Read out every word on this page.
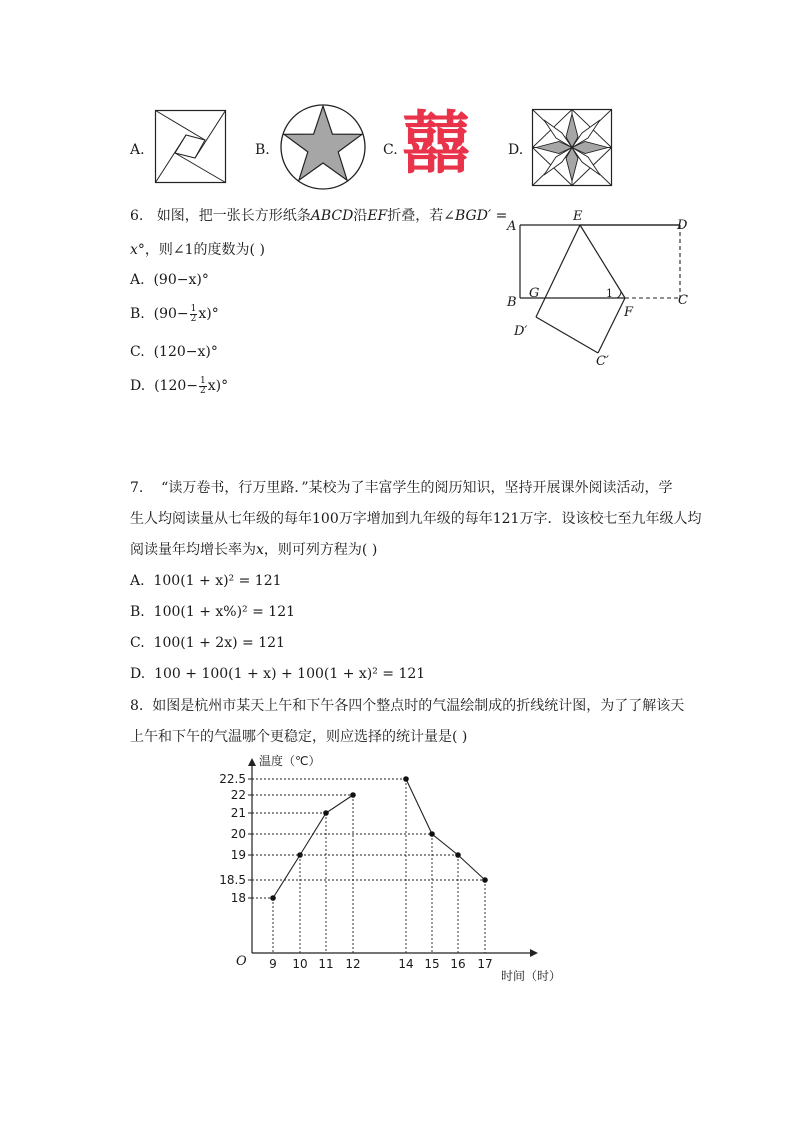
A.	B.	C. 囍	D.
6. 如图，把一张长方形纸条ABCD沿EF折叠，若∠BGD′ =
x°，则∠1的度数为( )
A. (90−x)°
B. $(90- \frac{1}{2} x)^\circ$
C. (120−x)°
D. $(120- \frac{1}{2} x)^\circ$
A
E
D
B
G	1	C
F
D′
C′
7. “读万卷书，行万里路．”某校为了丰富学生的阅历知识，坚持开展课外阅读活动，学
生人均阅读量从七年级的每年100万字增加到九年级的每年121万字．设该校七至九年级人均
阅读量年均增长率为x，则可列方程为( )
A. 100(1 + x)² = 121
B. 100(1 + x%)² = 121
C. 100(1 + 2x) = 121
D. 100 + 100(1 + x) + 100(1 + x)² = 121
8. 如图是杭州市某天上午和下午各四个整点时的气温绘制成的折线统计图，为了了解该天
上午和下午的气温哪个更稳定，则应选择的统计量是( )
温度（℃）
时间（时）
O
18
18.5
19
20
21
22
22.5
9 10 11 12	14 15 16 17
